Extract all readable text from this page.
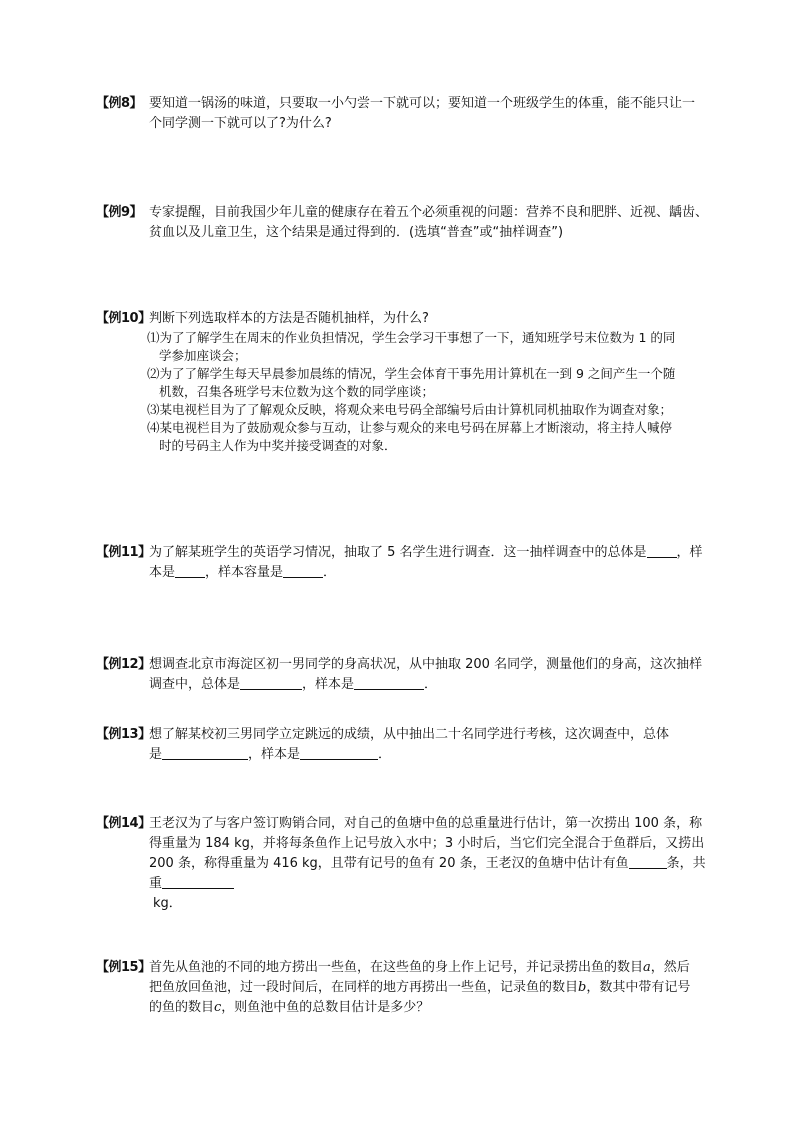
【例8】 要知道一锅汤的味道，只要取一小勺尝一下就可以；要知道一个班级学生的体重，能不能只让一
个同学测一下就可以了?为什么?
【例9】 专家提醒，目前我国少年儿童的健康存在着五个必须重视的问题：营养不良和肥胖、近视、龋齿、
贫血以及儿童卫生，这个结果是通过得到的．(选填“普查”或“抽样调查”)
【例10】
判断下列选取样本的方法是否随机抽样，为什么?
⑴为了了解学生在周末的作业负担情况，学生会学习干事想了一下，通知班学号末位数为 1 的同
学参加座谈会；
⑵为了了解学生每天早晨参加晨练的情况，学生会体育干事先用计算机在一到 9 之间产生一个随
机数，召集各班学号末位数为这个数的同学座谈；
⑶某电视栏目为了了解观众反映，将观众来电号码全部编号后由计算机同机抽取作为调查对象；
⑷某电视栏目为了鼓励观众参与互动，让参与观众的来电号码在屏幕上才断滚动，将主持人喊停
时的号码主人作为中奖并接受调查的对象．
【例11】
为了解某班学生的英语学习情况，抽取了 5 名学生进行调查．这一抽样调查中的总体是 ，样
本是 ，样本容量是	．
【例12】
想调查北京市海淀区初一男同学的身高状况，从中抽取 200 名同学，测量他们的身高，这次抽样
调查中，总体是	，样本是	．
【例13】
想了解某校初三男同学立定跳远的成绩，从中抽出二十名同学进行考核，这次调查中，总体
是	，样本是	．
【例14】
王老汉为了与客户签订购销合同，对自己的鱼塘中鱼的总重量进行估计，第一次捞出 100 条，称
得重量为 184 kg，并将每条鱼作上记号放入水中；3 小时后，当它们完全混合于鱼群后，又捞出
200 条，称得重量为 416 kg，且带有记号的鱼有 20 条，王老汉的鱼塘中估计有鱼	条，共
重
kg．
【例15】
首先从鱼池的不同的地方捞出一些鱼，在这些鱼的身上作上记号，并记录捞出鱼的数目a，然后
把鱼放回鱼池，过一段时间后，在同样的地方再捞出一些鱼，记录鱼的数目b，数其中带有记号
的鱼的数目c，则鱼池中鱼的总数目估计是多少？
